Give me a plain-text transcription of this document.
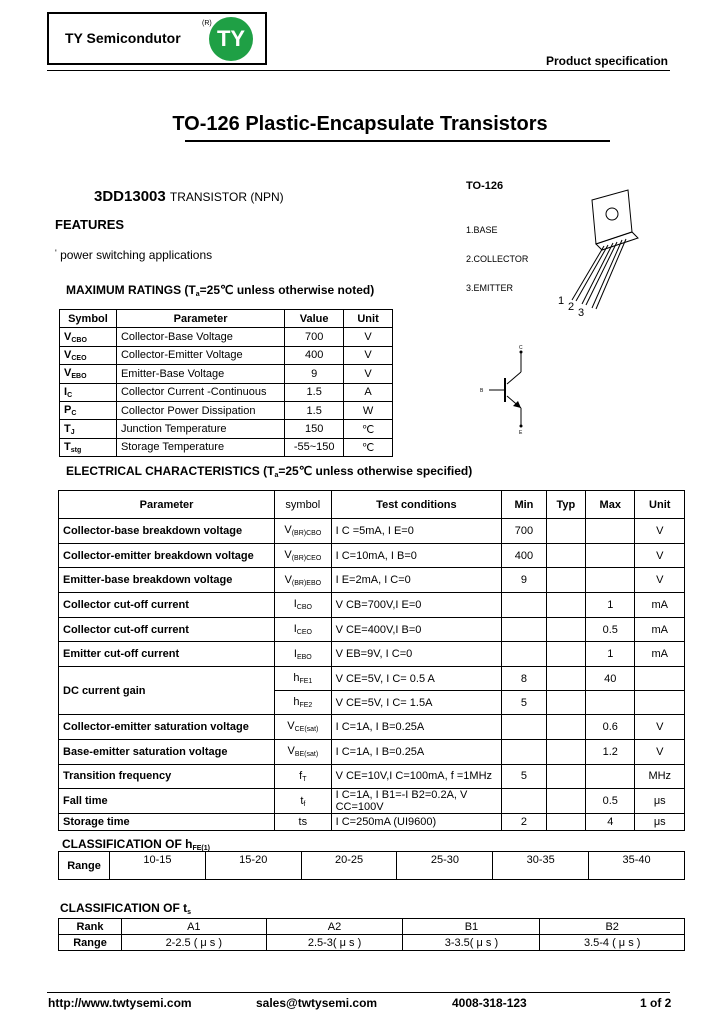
TY Semicondutor
(R)
TY
Product specification
TO-126 Plastic-Encapsulate Transistors
3DD13003 TRANSISTOR (NPN)
FEATURES
' power switching applications
TO-126
1.BASE
2.COLLECTOR
3.EMITTER
1 2 3
C
B
E
MAXIMUM RATINGS ($T_a=25℃$ unless otherwise noted)
Symbol	Parameter	Value	Unit
$V_{CBO}$	Collector-Base Voltage	700	V
$V_{CEO}$	Collector-Emitter Voltage	400	V
$V_{EBO}$	Emitter-Base Voltage	9	V
$I_C$	Collector Current -Continuous	1.5	A
$P_C$	Collector Power Dissipation	1.5	W
$T_J$	Junction Temperature	150	℃
$T_{stg}$	Storage Temperature	-55~150	℃
ELECTRICAL CHARACTERISTICS ($T_a=25℃$ unless otherwise specified)
Parameter	symbol	Test conditions	Min	Typ	Max	Unit
Collector-base breakdown voltage	$V_{(BR)CBO}$	I C =5mA, I E=0	700			V
Collector-emitter breakdown voltage	$V_{(BR)CEO}$	I C=10mA, I B=0	400			V
Emitter-base breakdown voltage	$V_{(BR)EBO}$	I E=2mA, I C=0	9			V
Collector cut-off current	$I_{CBO}$	V CB=700V,I E=0			1	mA
Collector cut-off current	$I_{CEO}$	V CE=400V,I B=0			0.5	mA
Emitter cut-off current	$I_{EBO}$	V EB=9V, I C=0			1	mA
DC current gain	$h_{FE1}$	V CE=5V, I C= 0.5 A	8		40	
	$h_{FE2}$	V CE=5V, I C= 1.5A	5			
Collector-emitter saturation voltage	$V_{CE(sat)}$	I C=1A, I B=0.25A			0.6	V
Base-emitter saturation voltage	$V_{BE(sat)}$	I C=1A, I B=0.25A			1.2	V
Transition frequency	$f_T$	V CE=10V,I C=100mA, f =1MHz	5			MHz
Fall time	$t_f$	I C=1A, I B1=-I B2=0.2A, V CC=100V			0.5	μs
Storage time	ts	I C=250mA (UI9600)	2		4	μs
CLASSIFICATION OF $h_{FE(1)}$
Range	10-15	15-20	20-25	25-30	30-35	35-40
CLASSIFICATION OF $t_s$
Rank	A1	A2	B1	B2
Range	2-2.5 ( μ s )	2.5-3( μ s )	3-3.5( μ s )	3.5-4 ( μ s )
http://www.twtysemi.com	sales@twtysemi.com	4008-318-123	1 of 2
